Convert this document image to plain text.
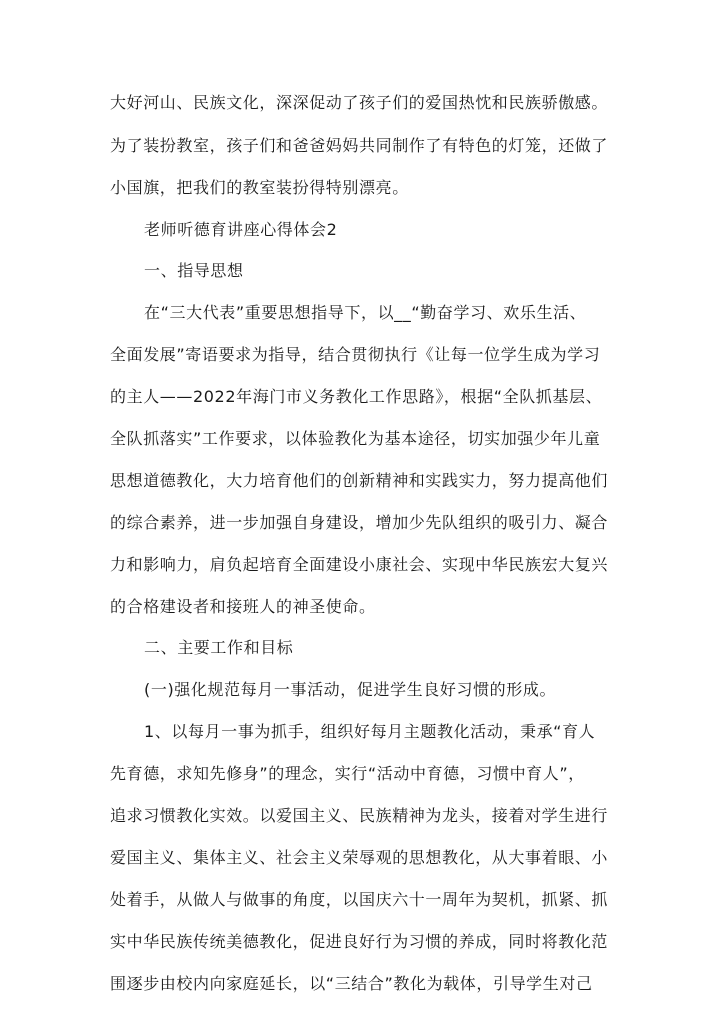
大好河山、民族文化，深深促动了孩子们的爱国热忱和民族骄傲感。
为了装扮教室，孩子们和爸爸妈妈共同制作了有特色的灯笼，还做了
小国旗，把我们的教室装扮得特别漂亮。
老师听德育讲座心得体会2
一、指导思想
在“三大代表”重要思想指导下，以__“勤奋学习、欢乐生活、
全面发展”寄语要求为指导，结合贯彻执行《让每一位学生成为学习
的主人——2022年海门市义务教化工作思路》，根据“全队抓基层、
全队抓落实”工作要求，以体验教化为基本途径，切实加强少年儿童
思想道德教化，大力培育他们的创新精神和实践实力，努力提高他们
的综合素养，进一步加强自身建设，增加少先队组织的吸引力、凝合
力和影响力，肩负起培育全面建设小康社会、实现中华民族宏大复兴
的合格建设者和接班人的神圣使命。
二、主要工作和目标
(一)强化规范每月一事活动，促进学生良好习惯的形成。
1、以每月一事为抓手，组织好每月主题教化活动，秉承“育人
先育德，求知先修身”的理念，实行“活动中育德，习惯中育人”，
追求习惯教化实效。以爱国主义、民族精神为龙头，接着对学生进行
爱国主义、集体主义、社会主义荣辱观的思想教化，从大事着眼、小
处着手，从做人与做事的角度，以国庆六十一周年为契机，抓紧、抓
实中华民族传统美德教化，促进良好行为习惯的养成，同时将教化范
围逐步由校内向家庭延长，以“三结合”教化为载体，引导学生对己
